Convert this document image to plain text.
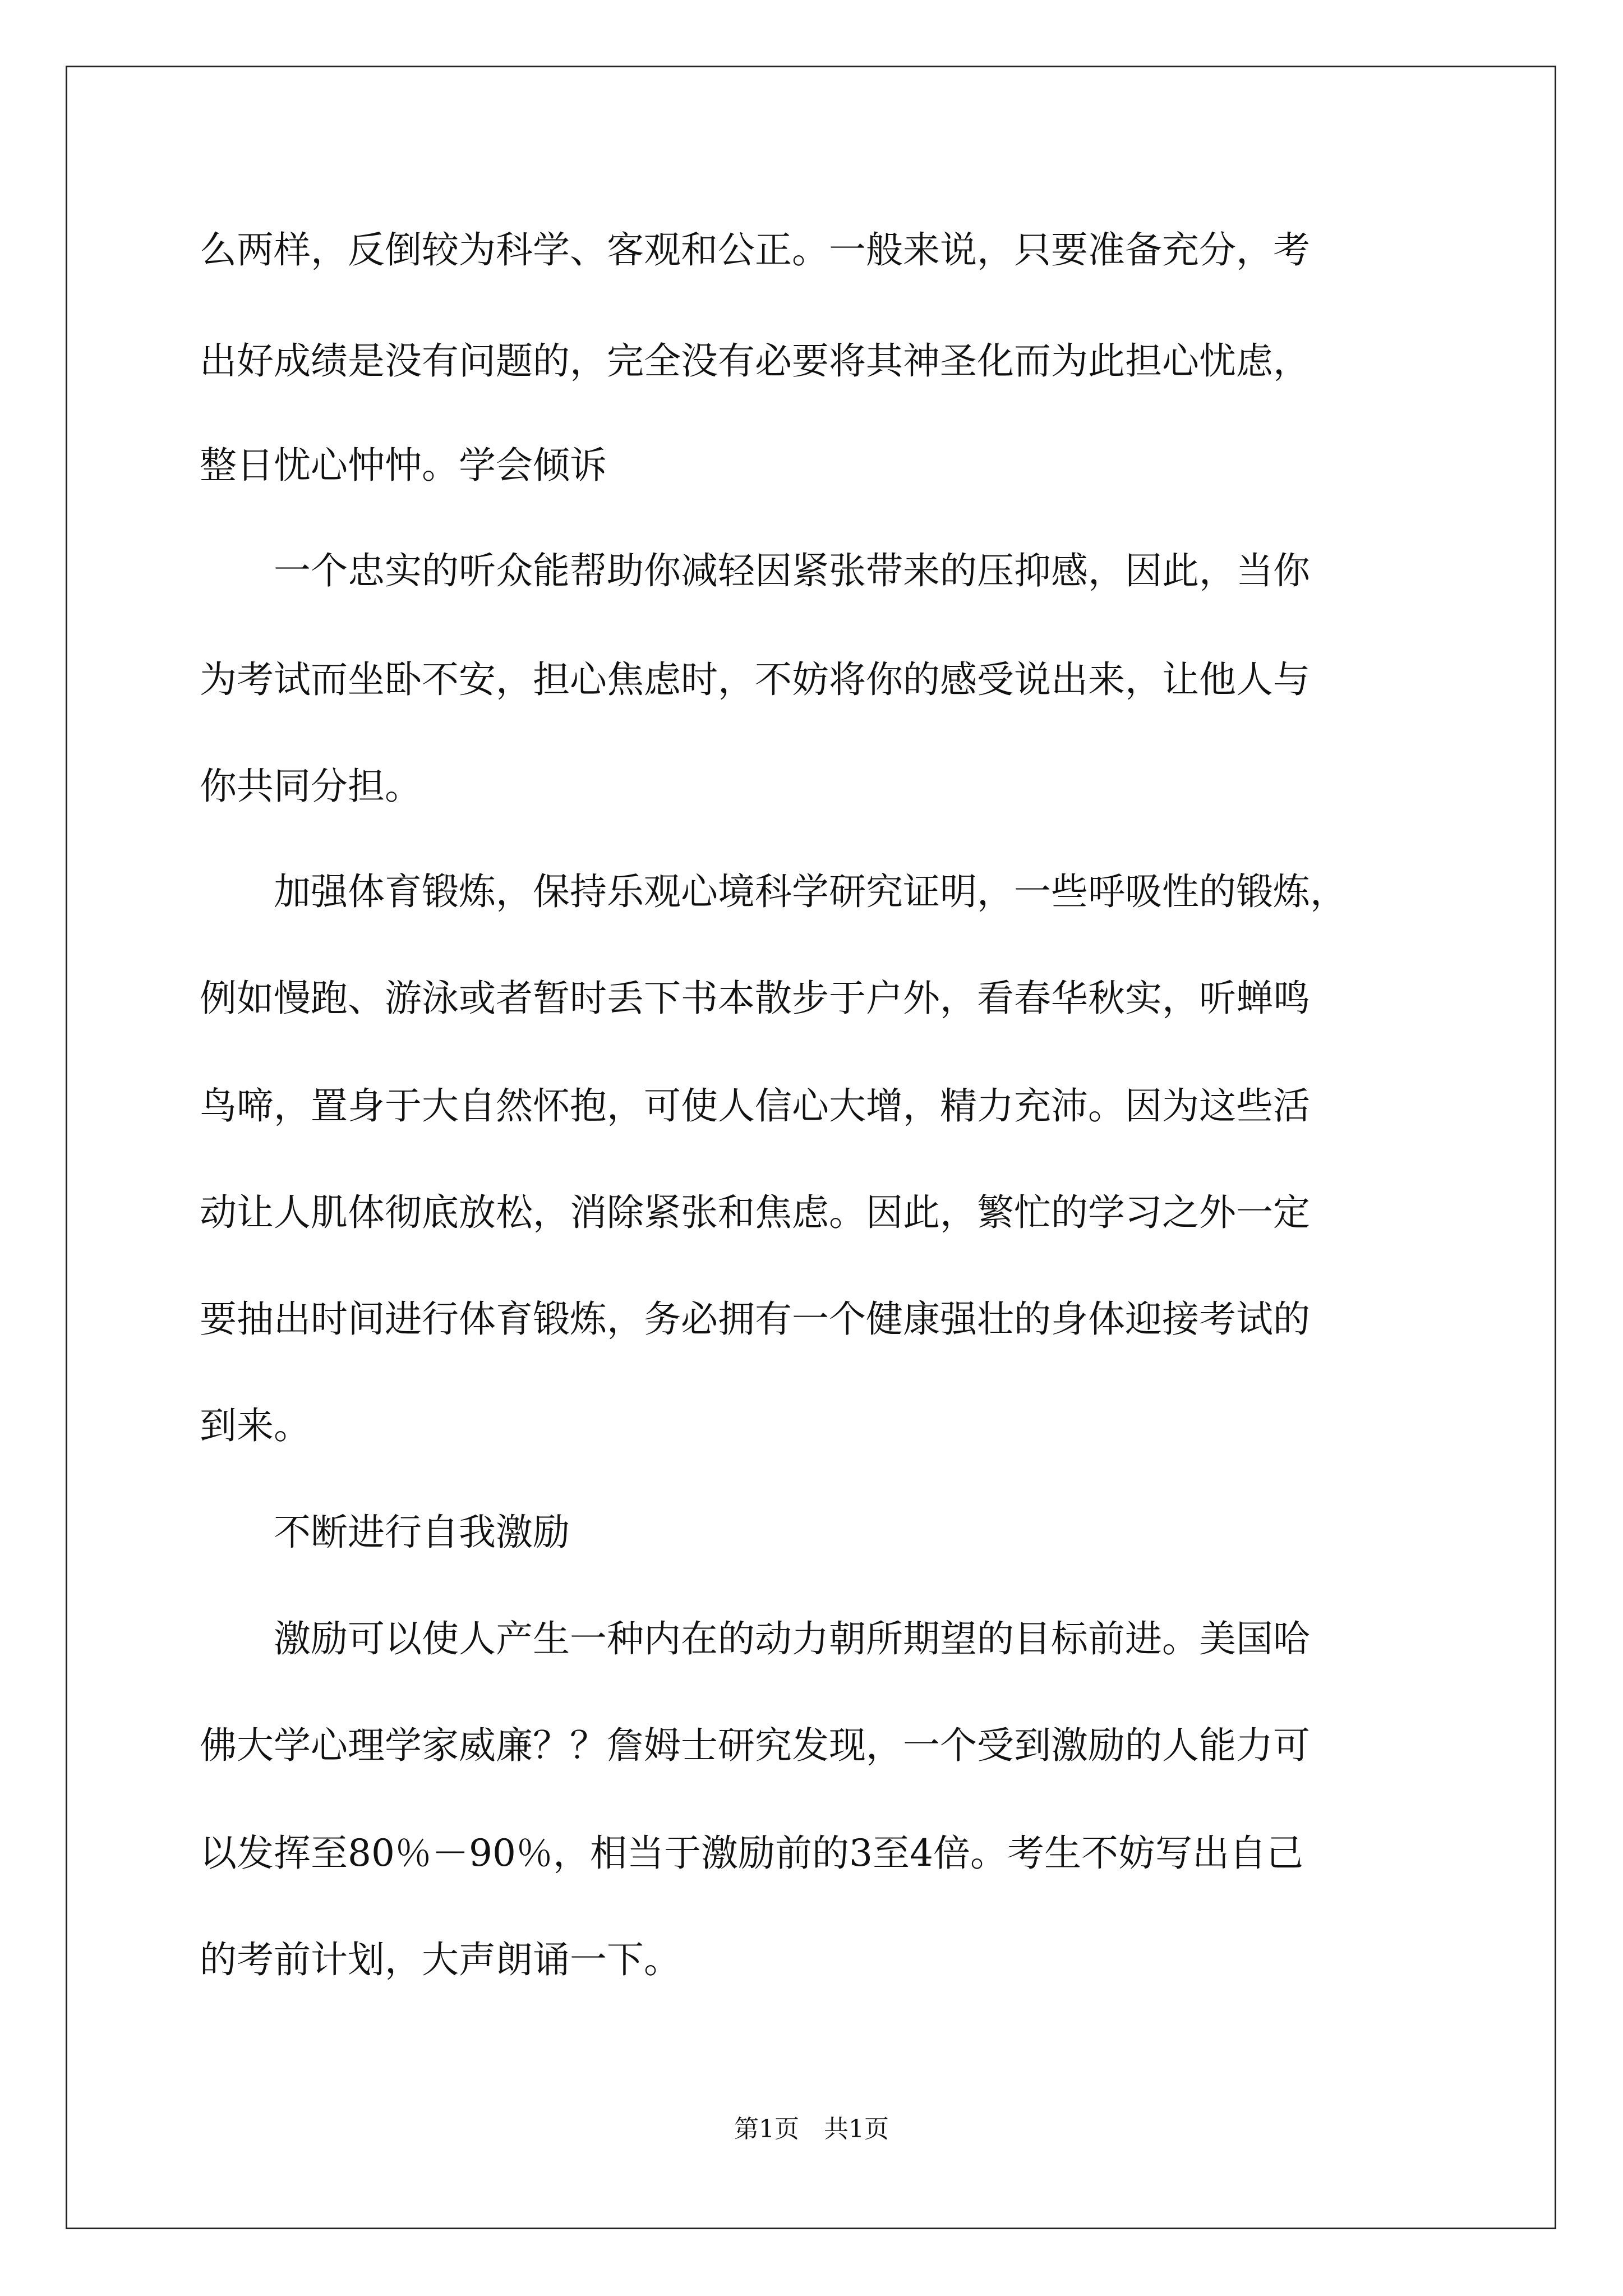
么两样，反倒较为科学、客观和公正。一般来说，只要准备充分，考
出好成绩是没有问题的，完全没有必要将其神圣化而为此担心忧虑，
整日忧心忡忡。学会倾诉
　　一个忠实的听众能帮助你减轻因紧张带来的压抑感，因此，当你
为考试而坐卧不安，担心焦虑时，不妨将你的感受说出来，让他人与
你共同分担。
　　加强体育锻炼，保持乐观心境科学研究证明，一些呼吸性的锻炼，
例如慢跑、游泳或者暂时丢下书本散步于户外，看春华秋实，听蝉鸣
鸟啼，置身于大自然怀抱，可使人信心大增，精力充沛。因为这些活
动让人肌体彻底放松，消除紧张和焦虑。因此，繁忙的学习之外一定
要抽出时间进行体育锻炼，务必拥有一个健康强壮的身体迎接考试的
到来。
　　不断进行自我激励
　　激励可以使人产生一种内在的动力朝所期望的目标前进。美国哈
佛大学心理学家威廉？？詹姆士研究发现，一个受到激励的人能力可
以发挥至80％－90％，相当于激励前的3至4倍。考生不妨写出自己
的考前计划，大声朗诵一下。
第1页　共1页
